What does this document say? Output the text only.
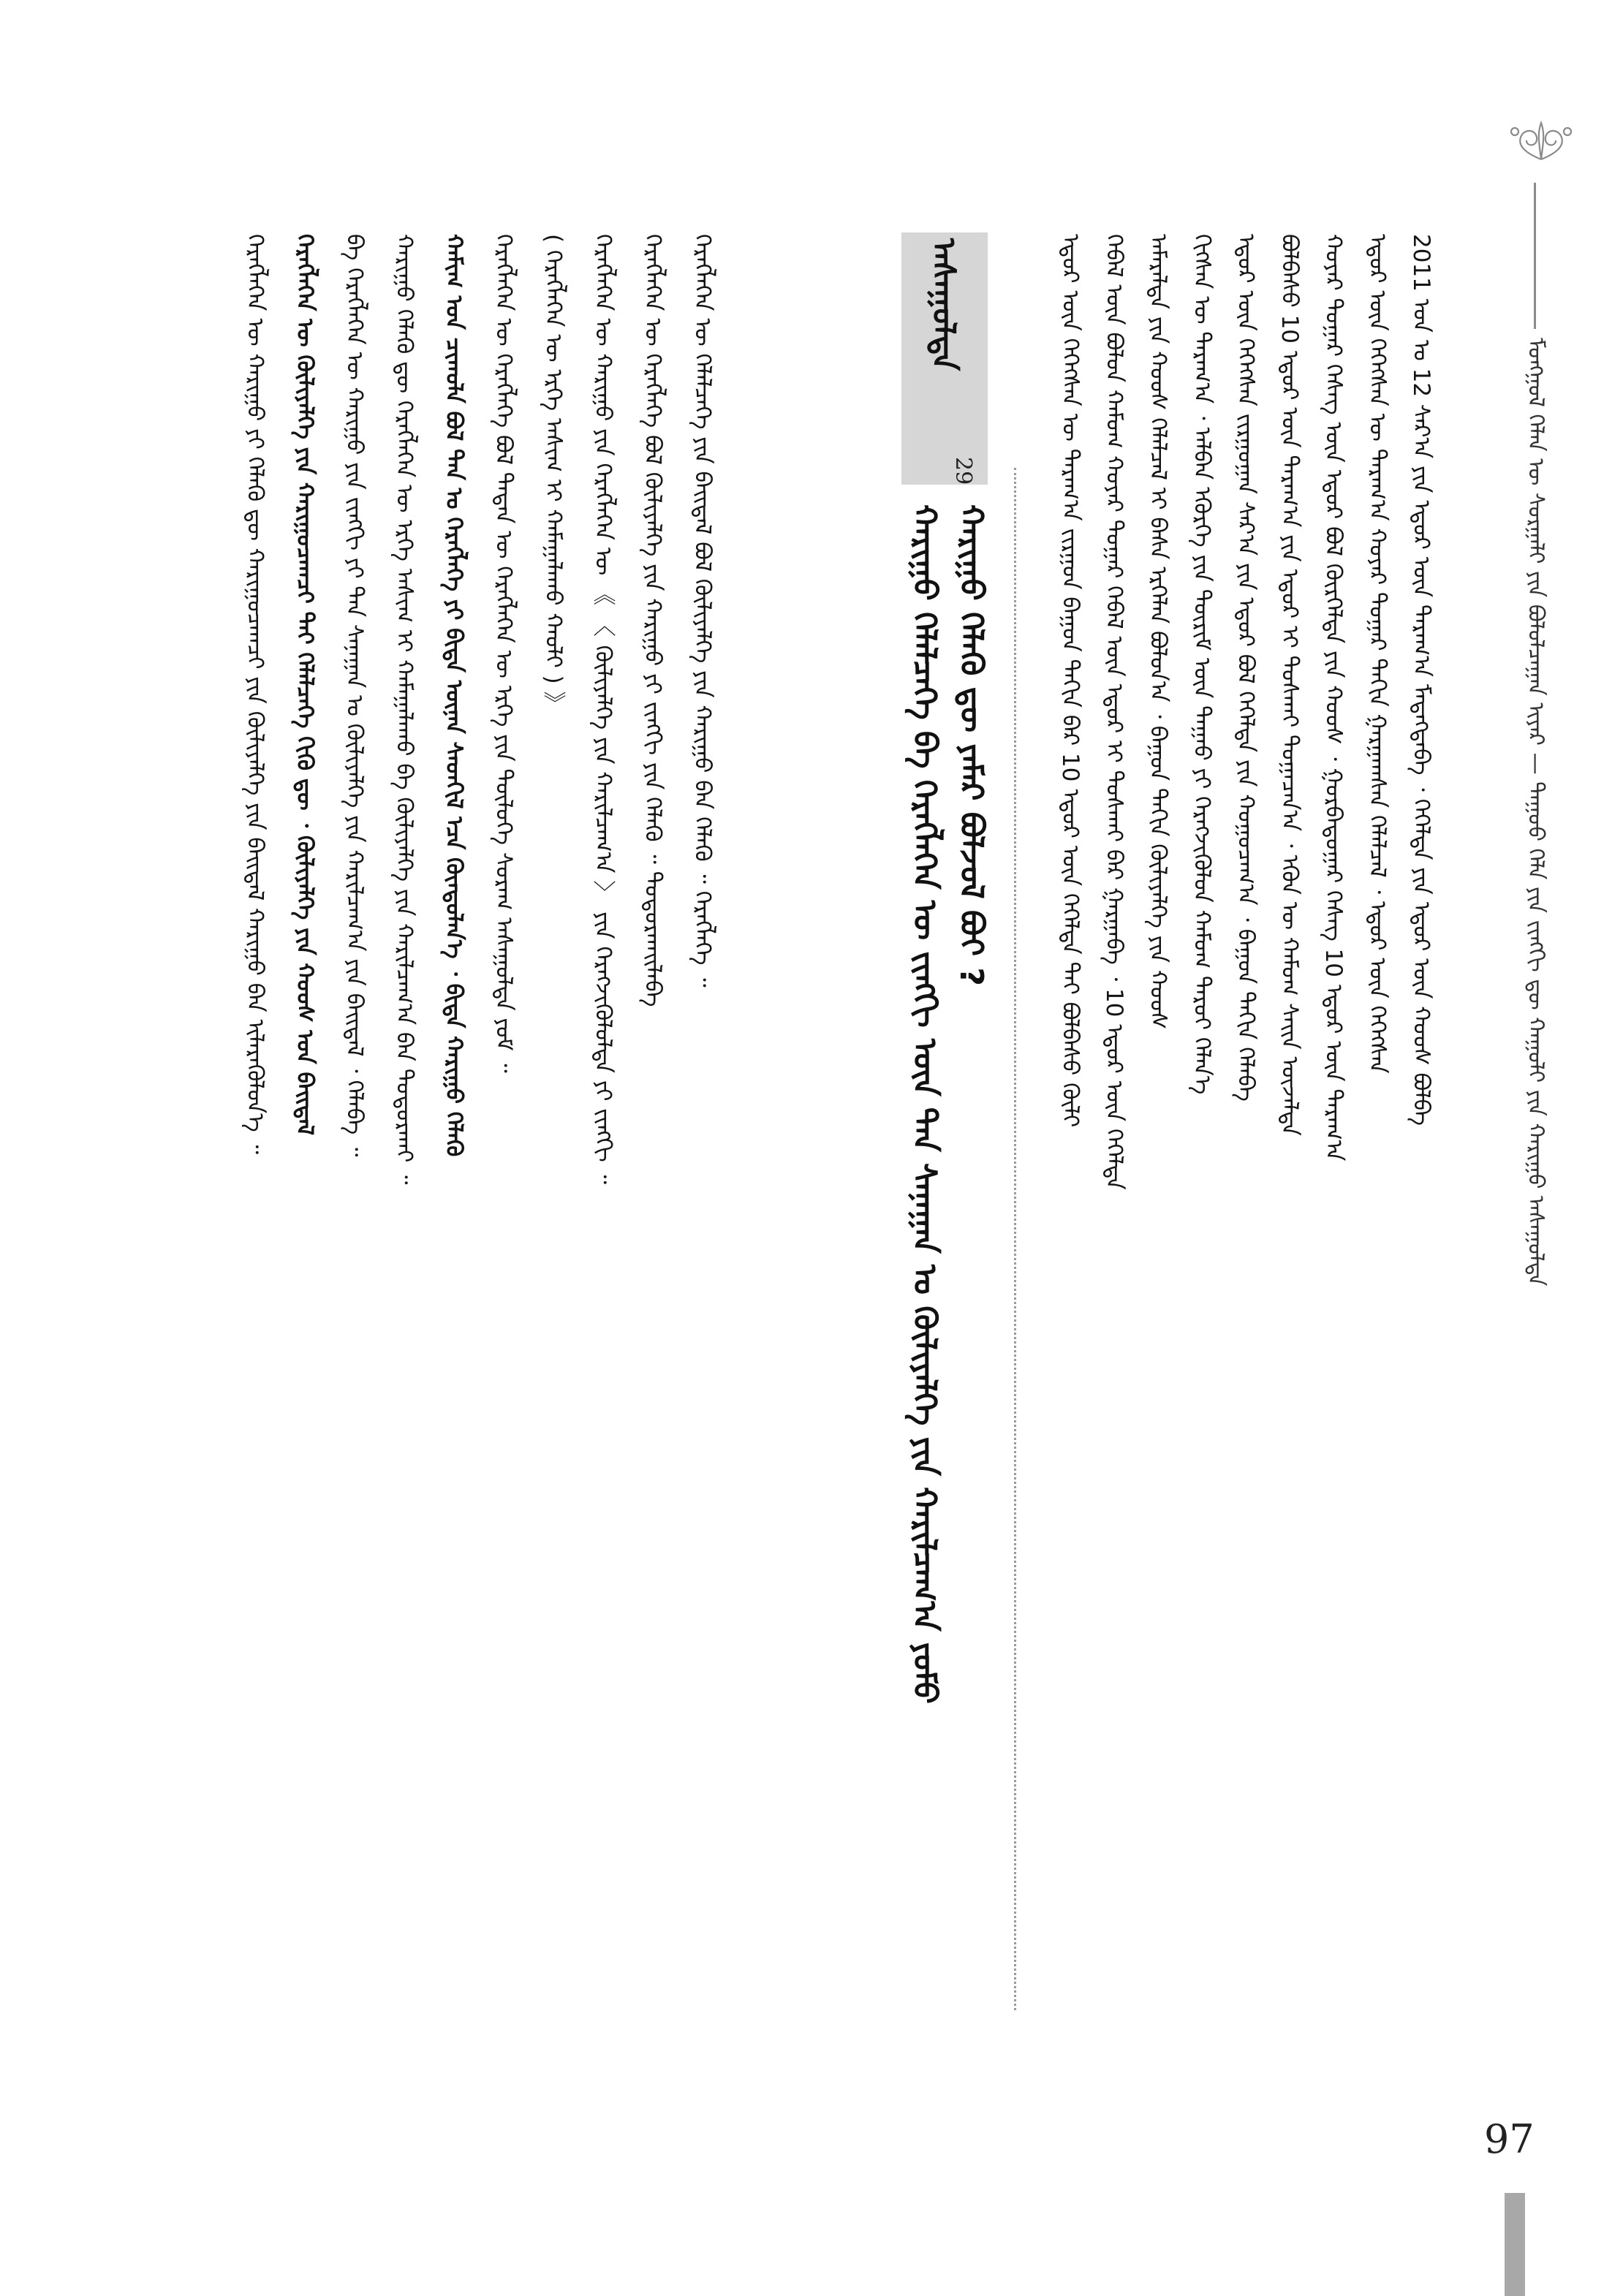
ᠮᠣᠩᠭᠣᠯ ᠬᠡᠯᠡᠨ ᠦ ᠰᠤᠷᠭᠠᠯᠢ ᠶᠢᠨ ᠪᠣᠯᠤᠯᠴᠠᠭᠠᠨ ᠢᠶᠡᠷ — ᠳᠠᠭᠤᠤ ᠬᠡᠯᠡ ᠶᠢᠨ ᠵᠢᠩᠭᠢ ᠳᠦ ᠬᠠᠭᠤᠯᠢ ᠶᠢᠨ ᠬᠠᠷᠢᠭᠤ ᠠᠰᠠᠭᠤᠯᠳᠠ
ᠡᠳᠦᠷ ᠦᠨ ᠬᠡᠭᠡᠭᠰᠡᠨ ᠦ ᠳᠠᠷᠠᠭ᠎ᠠ ᠵᠢᠷᠭᠤᠨ ᠪᠠᠭᠤᠨ ᠳᠠᠬᠢᠨ ᠪᠠᠷ 10 ᠡᠳᠦᠷ ᠦᠨ ᠬᠡᠭᠡᠯᠲᠡ ᠲᠠᠢ ᠪᠣᠯᠪᠠᠰᠤ ᠬᠦᠯᠢ ᠬᠡᠪᠡᠯ ᠦᠨ ᠪᠣᠯᠤᠨ ᠬᠠᠮᠤᠭ ᠬᠣᠶᠠᠷ ᠳᠤᠭᠠᠷ ᠬᠡᠪᠡᠯ ᠦᠨ ᠡᠳᠦᠷ ᠢ ᠲᠤᠰᠭᠠᠢ ᠪᠠᠷ ᠭᠠᠷᠭᠠᠪᠠ ᠂ 10 ᠡᠳᠦᠷ ᠦᠨ ᠬᠡᠭᠡᠯᠲᠡ ᠠᠮᠠᠷᠠᠯᠲᠠ ᠶᠢᠨ ᠬᠣᠣᠰ ᠬᠡᠯᠡᠯᠴᠡᠯ ᠢ ᠪᠠᠰᠠ ᠡᠷᠬᠡᠯᠡᠨ ᠪᠣᠯᠤᠨ᠎ᠠ ᠂ ᠪᠠᠭᠤᠨ ᠳᠠᠬᠢᠨ ᠬᠦᠯᠢᠶᠡᠯᠭᠡ ᠶᠢᠨ ᠬᠣᠣᠰ ᠬᠢᠭᠰᠡᠨ ᠦ ᠳᠠᠷᠠᠭ᠎ᠠ ᠂ ᠠᠯᠪᠠᠨ ᠡᠭᠦᠷᠭᠡ ᠶᠢᠨ ᠳᠦᠷᠢᠮ ᠦᠨ ᠳᠠᠭᠠᠤ ᠶᠢ ᠬᠡᠷᠡᠭᠵᠢᠭᠦᠯᠦᠨ ᠬᠠᠮᠤᠭ ᠳᠠᠷᠤᠢ ᠬᠡᠯᠡᠨ᠎ᠡ ᠡᠳᠦᠷ ᠦᠨ ᠬᠡᠭᠡᠭᠰᠡᠨ ᠵᠢᠷᠭᠤᠭᠠᠨ ᠰᠠᠷ᠎ᠠ ᠶᠢᠨ ᠡᠳᠦᠷ ᠪᠣᠯ ᠬᠡᠭᠡᠯᠲᠡ ᠶᠢᠨ ᠬᠤᠭᠤᠴᠠᠭ᠎ᠠ ᠂ ᠪᠠᠭᠤᠨ ᠳᠠᠬᠢᠨ ᠬᠡᠯᠡᠪᠡ ᠪᠣᠯᠪᠠᠰᠤ 10 ᠡᠳᠦᠷ ᠦᠨ ᠳᠠᠷᠠᠭ᠎ᠠ ᠶᠢᠨ ᠡᠳᠦᠷ ᠢ ᠲᠤᠰᠭᠠᠢ ᠲᠣᠭᠠᠴᠠᠨ᠎ᠠ ᠂ ᠡᠭᠦᠨ ᠦ ᠬᠠᠮᠤᠭ ᠰᠠᠢᠨ ᠦᠵᠡᠯᠲᠡ ᠬᠣᠶᠠᠷ ᠳᠤᠭᠠᠷ ᠬᠡᠰᠡᠭ ᠦᠨ ᠡᠳᠦᠷ ᠪᠣᠯ ᠬᠦᠷᠭᠡᠯᠲᠡ ᠶᠢᠨ ᠬᠣᠣᠰ ᠂ ᠭᠤᠷᠪᠠᠳᠤᠭᠠᠷ ᠬᠡᠰᠡᠭ 10 ᠡᠳᠦᠷ ᠦᠨ ᠳᠠᠷᠠᠭ᠎ᠠ ᠡᠳᠦᠷ ᠦᠨ ᠬᠡᠭᠡᠭᠰᠡᠨ ᠦ ᠳᠠᠷᠠᠭ᠎ᠠ ᠬᠣᠶᠠᠷ ᠳᠤᠭᠠᠷ ᠳᠠᠬᠢᠨ ᠭᠠᠷᠭᠠᠭᠰᠠᠨ ᠬᠡᠯᠡᠯᠴᠡᠯ ᠂ ᠡᠳᠦᠷ ᠦᠨ ᠬᠡᠭᠡᠭᠰᠡᠨ 2011 ᠣᠨ ᠤ 12 ᠰᠠᠷ᠎ᠠ ᠶᠢᠨ ᠡᠳᠦᠷ ᠦᠨ ᠳᠠᠷᠠᠭ᠎ᠠ ᠮᠡᠳᠡᠭᠳᠡᠪᠡ ᠂ ᠬᠡᠭᠡᠯᠲᠡ ᠶᠢᠨ ᠡᠳᠦᠷ ᠦᠨ ᠬᠣᠣᠰ ᠪᠣᠯᠪᠠ
ᠠᠰᠠᠭᠤᠯᠳᠠ
29
ᠬᠠᠷᠢᠭᠤ ᠬᠡᠯᠡᠯᠴᠡᠭᠡ ᠪᠠ ᠬᠡᠷᠡᠭᠯᠡᠭᠡᠨ ᠦ ᠵᠢᠩᠭᠢ ᠦᠨ ᠲᠠᠨ ᠰᠠᠨᠠᠭᠠᠨ ᠤ ᠬᠦᠯᠢᠶᠡᠯᠭᠡ ᠶᠢᠨ ᠬᠠᠷᠢᠯᠴᠠᠭ᠎ᠠ ᠶᠤᠮᠤ ᠬᠠᠷᠢᠭᠤ ᠬᠡᠯᠡᠬᠦ ᠳᠦ ᠶᠠᠮᠠᠷ ᠪᠣᠯᠵᠣᠯ ᠪᠤᠢ ?
ᠬᠡᠷᠡᠭᠯᠡᠭᠡᠨ ᠦ ᠬᠠᠷᠢᠭᠤ ᠶᠢ ᠬᠡᠯᠡᠬᠦ ᠳᠦ ᠬᠠᠷᠢᠭᠤᠴᠠᠭᠴᠢ ᠶᠢᠨ ᠬᠦᠯᠢᠶᠡᠯᠭᠡ ᠶᠢᠨ ᠪᠠᠢᠳᠠᠯ ᠬᠠᠷᠢᠭᠤ ᠪᠠᠨ ᠢᠯᠡᠷᠡᠭᠦᠯᠦᠨ᠎ᠡ ᠃	ᠬᠡᠷᠡᠭᠯᠡᠭᠡᠨ ᠦ ᠬᠦᠯᠢᠶᠡᠯᠭᠡ ᠶᠢᠨ ᠬᠠᠷᠢᠭᠤᠴᠠᠭᠴᠢ ᠲᠠᠢ ᠬᠡᠯᠡᠯᠴᠡᠭᠡ ᠬᠢᠬᠦ ᠳᠦ ᠂ ᠬᠦᠯᠢᠶᠡᠯᠭᠡ ᠶᠢᠨ ᠬᠣᠣᠰ ᠤᠨ ᠪᠠᠢᠳᠠᠯ	ᠪᠠ ᠬᠡᠷᠡᠭᠯᠡᠭᠡᠨ ᠦ ᠬᠠᠷᠢᠭᠤ ᠶᠢᠨ ᠵᠢᠩᠭᠢ ᠶᠢ ᠲᠠᠨ ᠰᠠᠨᠠᠭᠠᠨ ᠤ ᠬᠦᠯᠢᠶᠡᠯᠭᠡ ᠶᠢᠨ ᠬᠠᠷᠢᠯᠴᠠᠭ᠎ᠠ ᠶᠢᠨ ᠪᠠᠢᠳᠠᠯ ᠂ ᠬᠡᠯᠡᠪᠡ ᠃	ᠬᠠᠷᠢᠭᠤ ᠬᠡᠯᠡᠬᠦ ᠳᠦ ᠬᠡᠷᠡᠭᠯᠡᠭᠡᠨ ᠦ ᠡᠷᠬᠡ ᠠᠰᠢᠭ ᠢ ᠬᠠᠮᠠᠭᠠᠯᠠᠬᠤ ᠪᠠ ᠬᠦᠯᠢᠶᠡᠯᠭᠡ ᠶᠢᠨ ᠬᠠᠷᠢᠯᠴᠠᠭ᠎ᠠ ᠪᠠᠨ ᠲᠣᠳᠣᠷᠬᠠᠢ ᠃	ᠬᠠᠮᠢᠭ ᠤᠨ ᠴᠢᠬᠤᠯᠠ ᠪᠣᠯ ᠲᠠᠨ ᠤ ᠬᠡᠷᠡᠭᠯᠡᠭᠡ ᠶᠢ ᠪᠢᠳᠡ ᠦᠨᠡᠨ ᠰᠡᠳᠬᠢᠯ ᠡᠴᠡ ᠬᠦᠨᠳᠦᠯᠡᠨ᠎ᠡ ᠂ ᠪᠢᠳᠡ ᠬᠠᠷᠢᠭᠤ ᠬᠡᠯᠡᠬᠦ	ᠬᠡᠷᠡᠭᠯᠡᠭᠡᠨ ᠦ ᠬᠡᠷᠡᠭᠯᠡᠭᠡ ᠪᠣᠯ ᠲᠡᠳᠡᠨ ᠦ ᠬᠡᠷᠡᠭᠯᠡᠭᠡᠨ ᠦ ᠡᠷᠬᠡ ᠶᠢᠨ ᠲᠥᠯᠦᠭᠡ ᠰᠤᠷᠠᠭ ᠠᠰᠠᠭᠤᠯᠲᠠ ᠶᠤᠮ ᠃	( ᠬᠡᠷᠡᠭᠯᠡᠭᠡᠨ ᠦ ᠡᠷᠬᠡ ᠠᠰᠢᠭ ᠢ ᠬᠠᠮᠠᠭᠠᠯᠠᠬᠤ ᠬᠠᠤᠯᠢ ) 》	ᠬᠡᠷᠡᠭᠯᠡᠭᠡᠨ ᠦ ᠬᠠᠷᠢᠭᠤ ᠶᠢᠨ ᠬᠡᠷᠡᠭᠯᠡᠭᠡᠨ ᠦ 《 〈 ᠬᠦᠯᠢᠶᠡᠯᠭᠡ ᠶᠢᠨ ᠬᠠᠷᠢᠯᠴᠠᠭ᠎ᠠ 〉 ᠶᠢᠨ ᠬᠡᠷᠡᠭᠵᠢᠭᠦᠯᠦᠯᠲᠡ ᠶᠢ ᠵᠢᠩᠭᠢ ᠃	ᠬᠡᠷᠡᠭᠯᠡᠭᠡᠨ ᠦ ᠬᠡᠷᠡᠭᠯᠡᠭᠡ ᠪᠣᠯ ᠬᠦᠯᠢᠶᠡᠯᠭᠡ ᠶᠢᠨ ᠬᠠᠷᠢᠭᠤ ᠶᠢ ᠵᠢᠩᠭᠢ ᠶᠢᠨ ᠬᠡᠯᠡᠬᠦ ᠃ ᠲᠣᠳᠣᠷᠬᠠᠢᠯᠠᠪᠠ	ᠬᠡᠷᠡᠭᠯᠡᠭᠡᠨ ᠦ ᠬᠡᠯᠡᠯᠴᠡᠭᠡ ᠶᠢᠨ ᠪᠠᠢᠳᠠᠯ ᠪᠣᠯ ᠬᠦᠯᠢᠶᠡᠯᠭᠡ ᠶᠢᠨ ᠬᠠᠷᠢᠭᠤ ᠪᠠᠨ ᠬᠡᠯᠡᠬᠦ ᠃ ᠬᠡᠷᠡᠭᠯᠡᠭᠡ ᠃
97
